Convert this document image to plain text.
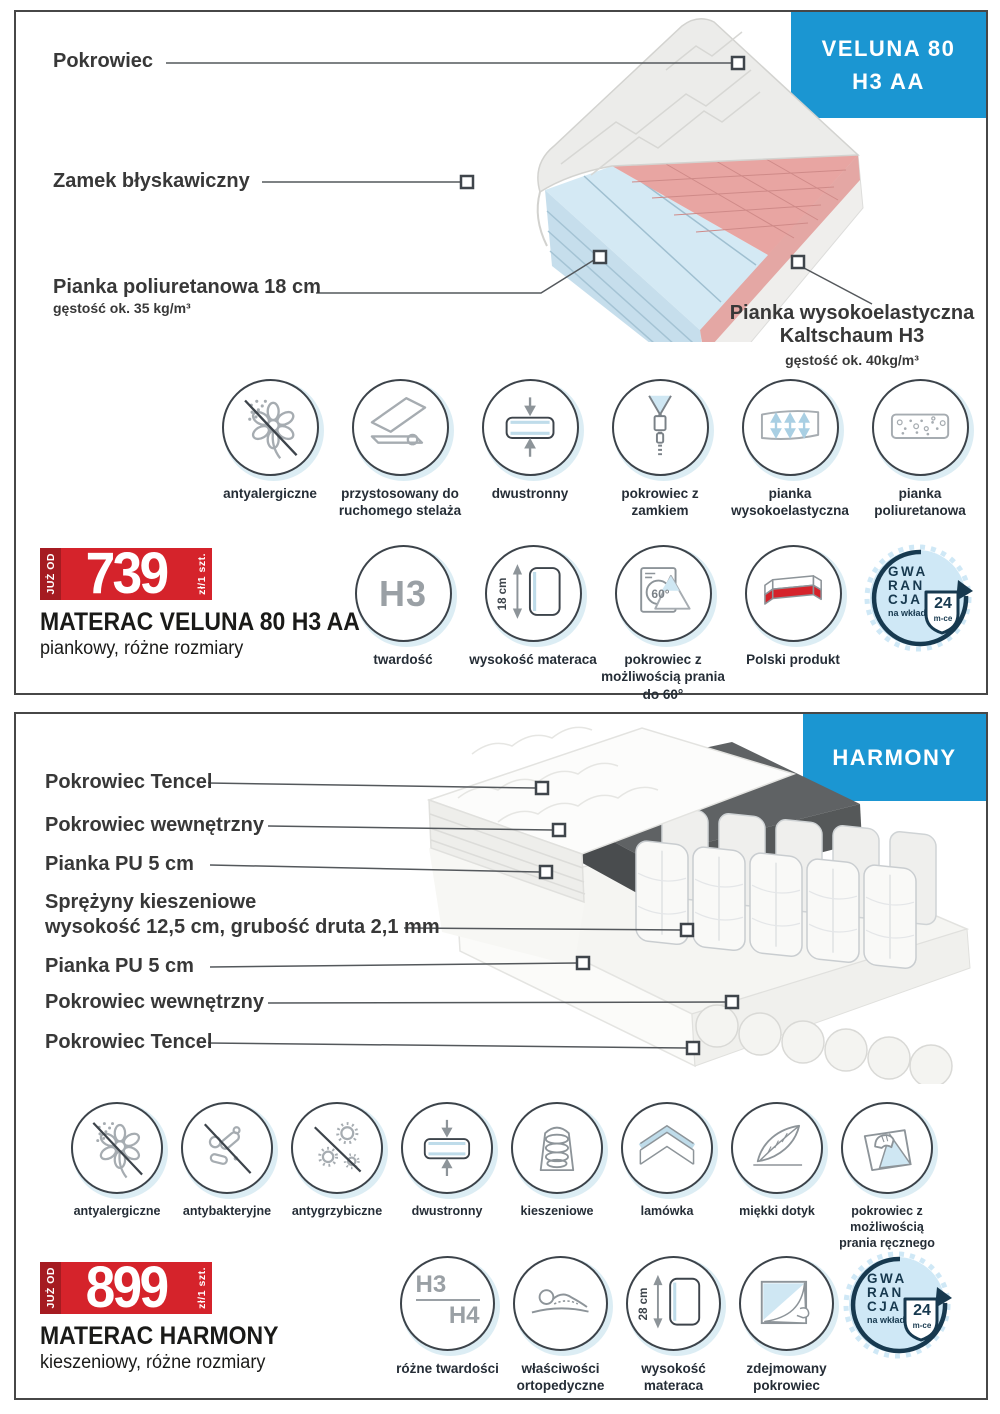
VELUNA 80
H3 AA
Pokrowiec
Zamek błyskawiczny
Pianka poliuretanowa 18 cm
gęstość ok. 35 kg/m³	Pianka wysokoelastyczna
Kaltschaum H3
gęstość ok. 40kg/m³
antyalergiczne	przystosowany do ruchomego stelaża
dwustronny	pokrowiec z zamkiem
pianka wysokoelastyczna
pianka poliuretanowa
H3
twardość
18 cm
wysokość materaca
60°
pokrowiec z możliwością prania do 60°
Polski produkt
GWA
RAN
CJA
na wkład
24
m-ce
JUŻ OD 739	zł/1 szt.
MATERAC VELUNA 80 H3 AA
piankowy, różne rozmiary
HARMONY
Pokrowiec Tencel
Pokrowiec wewnętrzny
Pianka PU 5 cm
Sprężyny kieszeniowe
wysokość 12,5 cm, grubość druta 2,1 mm
Pianka PU 5 cm
Pokrowiec wewnętrzny
Pokrowiec Tencel
antyalergiczne antybakteryjne antygrzybiczne dwustronny	kieszeniowe	lamówka	miękki dotyk	pokrowiec z możliwością prania ręcznego
H3
H4
różne twardości	właściwości ortopedyczne
28 cm
wysokość materaca
zdejmowany pokrowiec
GWA
RAN
CJA
na wkład
24
m-ce
JUŻ OD 899	zł/1 szt.
MATERAC HARMONY
kieszeniowy, różne rozmiary
